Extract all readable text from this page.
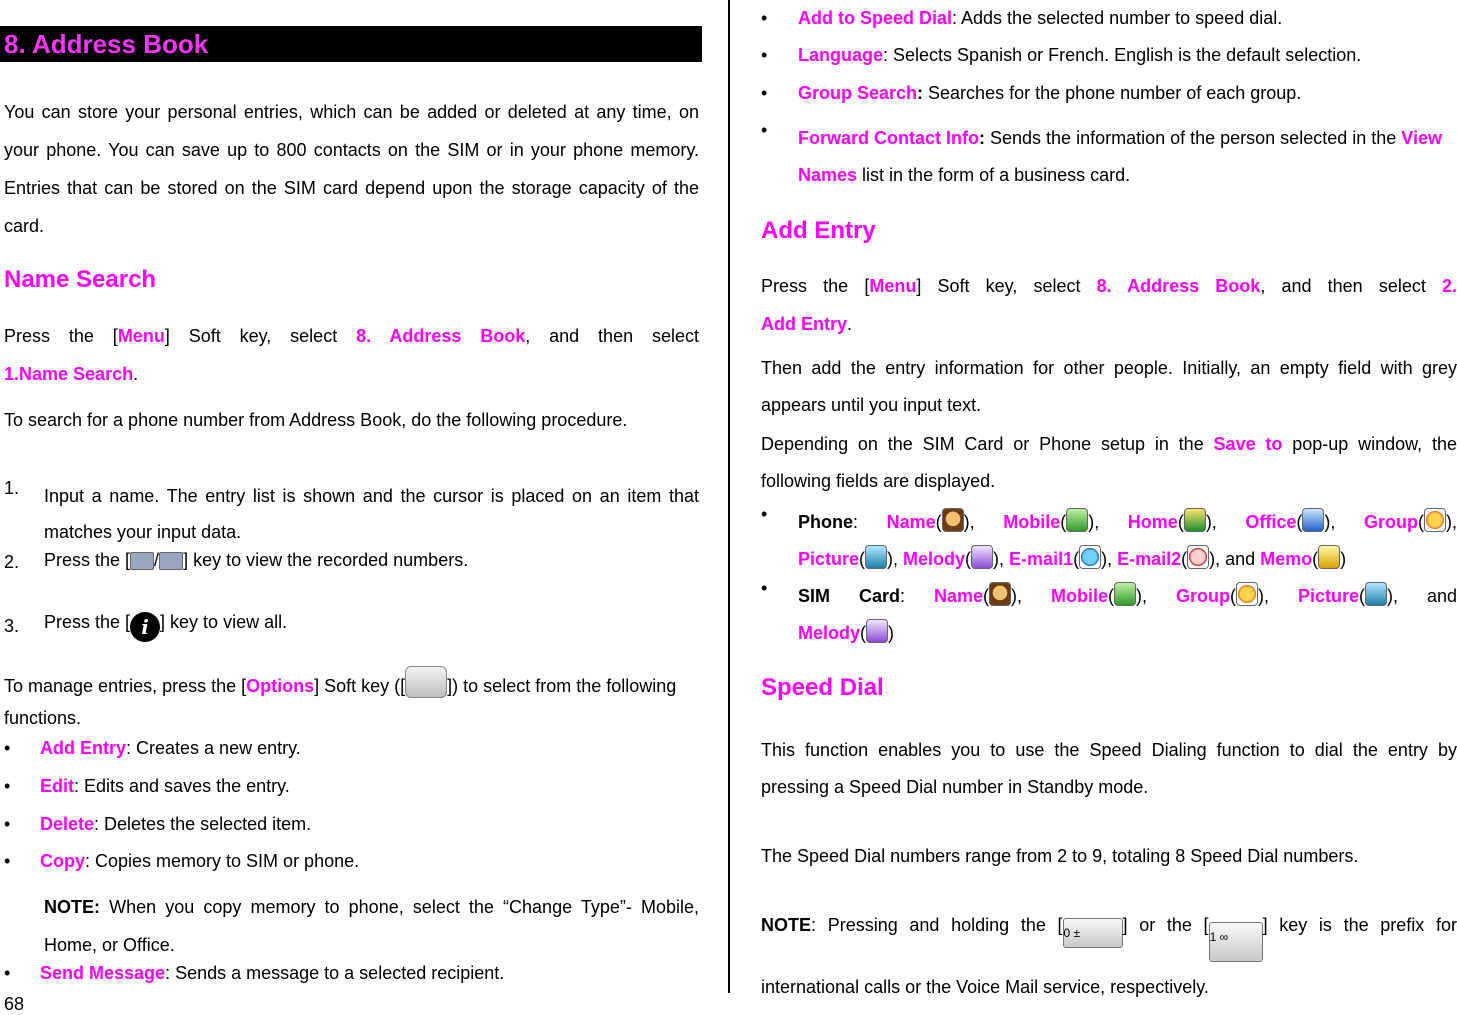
8. Address Book

You can store your personal entries, which can be added or deleted at any time, on your phone. You can save up to 800 contacts on the SIM or in your phone memory. Entries that can be stored on the SIM card depend upon the storage capacity of the card.

Name Search

Press the [Menu] Soft key, select 8. Address Book, and then select

1.Name Search.

To search for a phone number from Address Book, do the following procedure.

1. Input a name. The entry list is shown and the cursor is placed on an item that matches your input data.

2. Press the [ / ] key to view the recorded numbers.

3. Press the [ i ] key to view all.

To manage entries, press the [Options] Soft key ([ ]) to select from the following functions.

• Add Entry: Creates a new entry.
• Edit: Edits and saves the entry.
• Delete: Deletes the selected item.
• Copy: Copies memory to SIM or phone.

NOTE: When you copy memory to phone, select the “Change Type”- Mobile, Home, or Office.

• Send Message: Sends a message to a selected recipient.

68

• Add to Speed Dial: Adds the selected number to speed dial.
• Language: Selects Spanish or French. English is the default selection.
• Group Search: Searches for the phone number of each group.
• Forward Contact Info: Sends the information of the person selected in the View Names list in the form of a business card.

Add Entry

Press the [Menu] Soft key, select 8. Address Book, and then select 2.

Add Entry.

Then add the entry information for other people. Initially, an empty field with grey appears until you input text.

Depending on the SIM Card or Phone setup in the Save to pop-up window, the following fields are displayed.

• Phone: Name( ), Mobile( ), Home( ), Office( ), Group( ),

Picture( ), Melody( ), E-mail1( ), E-mail2( ), and Memo( )

• SIM Card: Name( ), Mobile( ), Group( ), Picture( ), and

Melody( )

Speed Dial

This function enables you to use the Speed Dialing function to dial the entry by pressing a Speed Dial number in Standby mode.

The Speed Dial numbers range from 2 to 9, totaling 8 Speed Dial numbers.

NOTE: Pressing and holding the [0 ± ] or the [1 ∞] key is the prefix for international calls or the Voice Mail service, respectively.
